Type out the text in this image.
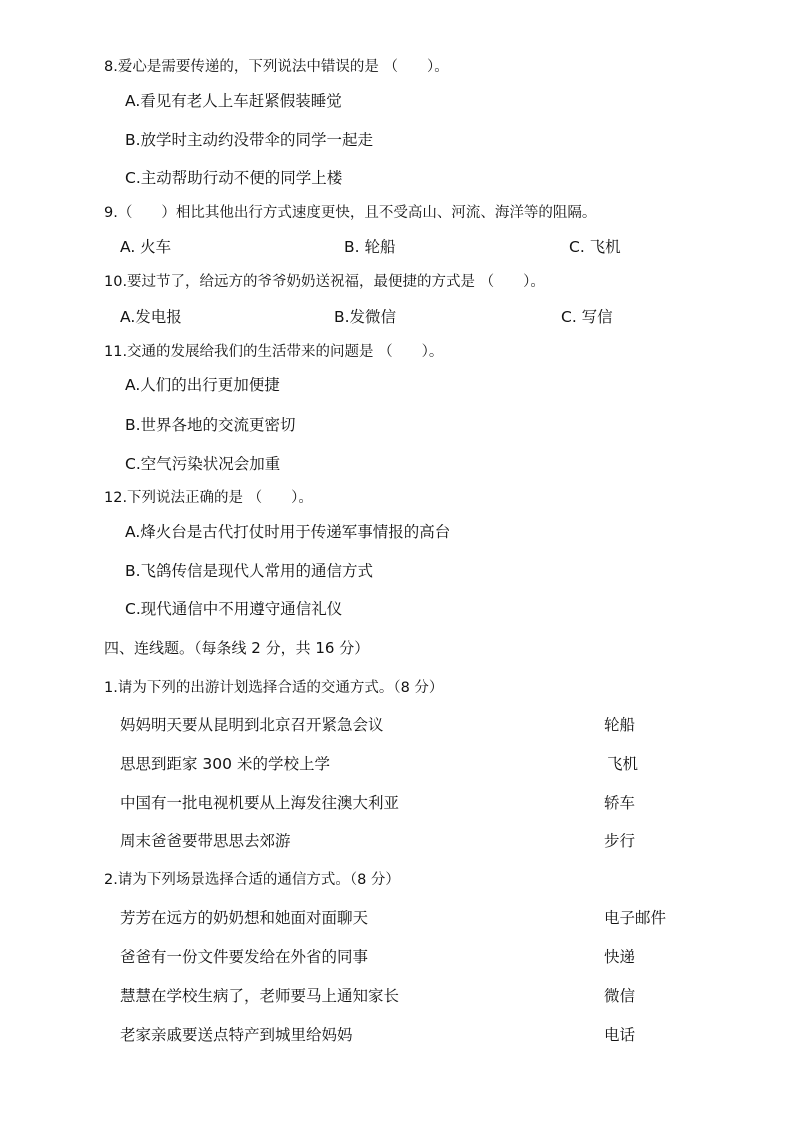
8.爱心是需要传递的，下列说法中错误的是 （　　）。
A.看见有老人上车赶紧假装睡觉
B.放学时主动约没带伞的同学一起走
C.主动帮助行动不便的同学上楼
9.（　　）相比其他出行方式速度更快，且不受高山、河流、海洋等的阻隔。
A. 火车	B. 轮船	C. 飞机
10.要过节了，给远方的爷爷奶奶送祝福，最便捷的方式是 （　　）。
A.发电报	B.发微信	C. 写信
11.交通的发展给我们的生活带来的问题是 （　　）。
A.人们的出行更加便捷
B.世界各地的交流更密切
C.空气污染状况会加重
12.下列说法正确的是 （　　）。
A.烽火台是古代打仗时用于传递军事情报的高台
B.飞鸽传信是现代人常用的通信方式
C.现代通信中不用遵守通信礼仪
四、连线题。（每条线 2 分，共 16 分）
1.请为下列的出游计划选择合适的交通方式。（8 分）
妈妈明天要从昆明到北京召开紧急会议	轮船
思思到距家 300 米的学校上学	飞机
中国有一批电视机要从上海发往澳大利亚	轿车
周末爸爸要带思思去郊游	步行
2.请为下列场景选择合适的通信方式。（8 分）
芳芳在远方的奶奶想和她面对面聊天	电子邮件
爸爸有一份文件要发给在外省的同事	快递
慧慧在学校生病了，老师要马上通知家长	微信
老家亲戚要送点特产到城里给妈妈	电话
